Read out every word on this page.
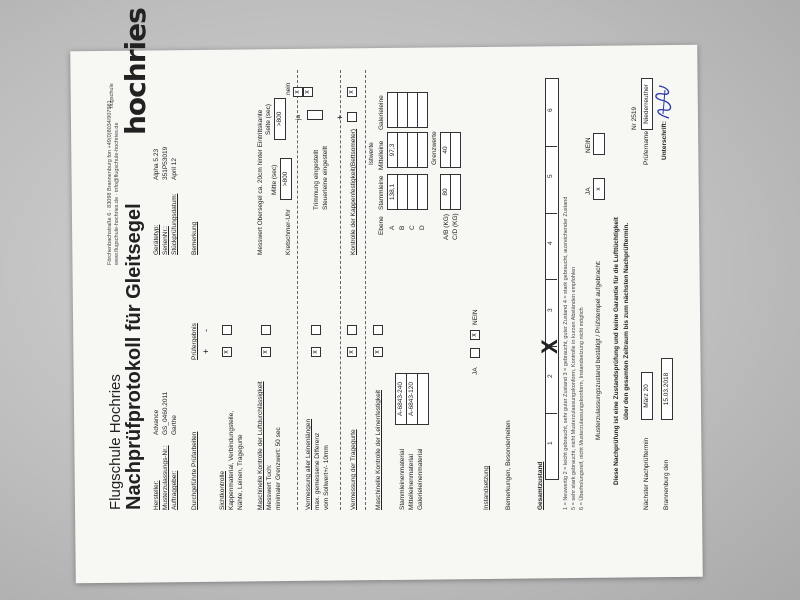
Flugschule Hochries Nachprüfprotokoll für Gleitsegel
Förchenbachstraße 6 · 83098 Brannenburg fon +49(0)8034/907981 www.flugschule-hochries.de · info@flugschule-hochries.de
flugschule hochries
Hersteller:
Advance
Musterzulassungs-Nr.:
GS_0460.2011
Auftraggeber:
Garthe
Gerätetyp:
Alpha 5.23
SerienNr.:
351P53019
Stückprüfungsdatum:
April 12
Durchgeführte Prüfarbeiten
Prüfergebnis +
-
Bemerkung
Sichtkontrolle Kappenmaterial, Verbindungsteile, Nähte, Leinen, Tragegurte
x
Maschinelle Kontrolle der Luftdurchlässigkeit Messwert Tuch: minimaler Grenzwert: 50 sec
x
Messwert Obersegel ca. 20cm hinter Eintrittskante Seite (sec)
Mitte (sec) >800
>800
Kretschmer-Uhr
Vermessung aller Leinenlängen max. gemessene Differenz vom Sollwert+/- 10mm
x
ja
nein
Trimmung eingestellt Steuerleine eingestellt
x x
Vermessung der Tragegurte
x
Kontrolle der Kappenfestigkeit(Bettsometer)
+
x
Maschinelle Kontrolle der Leinenfestigkeit
x
Stammleinenmaterial Mittelleinenmaterial Galerieleinenmaterial
A-6843-240 A-6843-120
Ebene
Stammleine
Istwerte Mittelleine
Galerieleine
A B C D
138,1
97,3
A/B (KG) C/D (KG)
Grenzwerte
80
40
JA
x
NEIN
Instandsetzung Bemerkungen, Besonderheiten	Gesamtzustand
1
2
3
4
5
6
X 1 = Neuwertig 2 = leicht gebraucht, sehr guter Zustand 3 = gebraucht, guter Zustand 4 = stark gebraucht, ausreichender Zustand 5 = sehr stark gebraucht, nicht Musterzulassungskonform, Kontrolle in kurzen Abständen empfohlen 6 = Überholungsreif, nicht Musterzulassungskonform, Instandsetzung nicht möglich Musterzulassungszustand bestätigt / Prüfstempel aufgebracht:
JA x
NEIN
Diese Nachprüfung ist eine Zustandsprüfung und keine Garantie für die Lufttüchtigkeit über den gesamten Zeitraum bis zum nächsten Nachprüftermin.
Nächster Nachprüftermin
März 20
Brannenburg den
15.03.2018
Nr 2519
Prüfername
Niederreuther
Unterschrift:
